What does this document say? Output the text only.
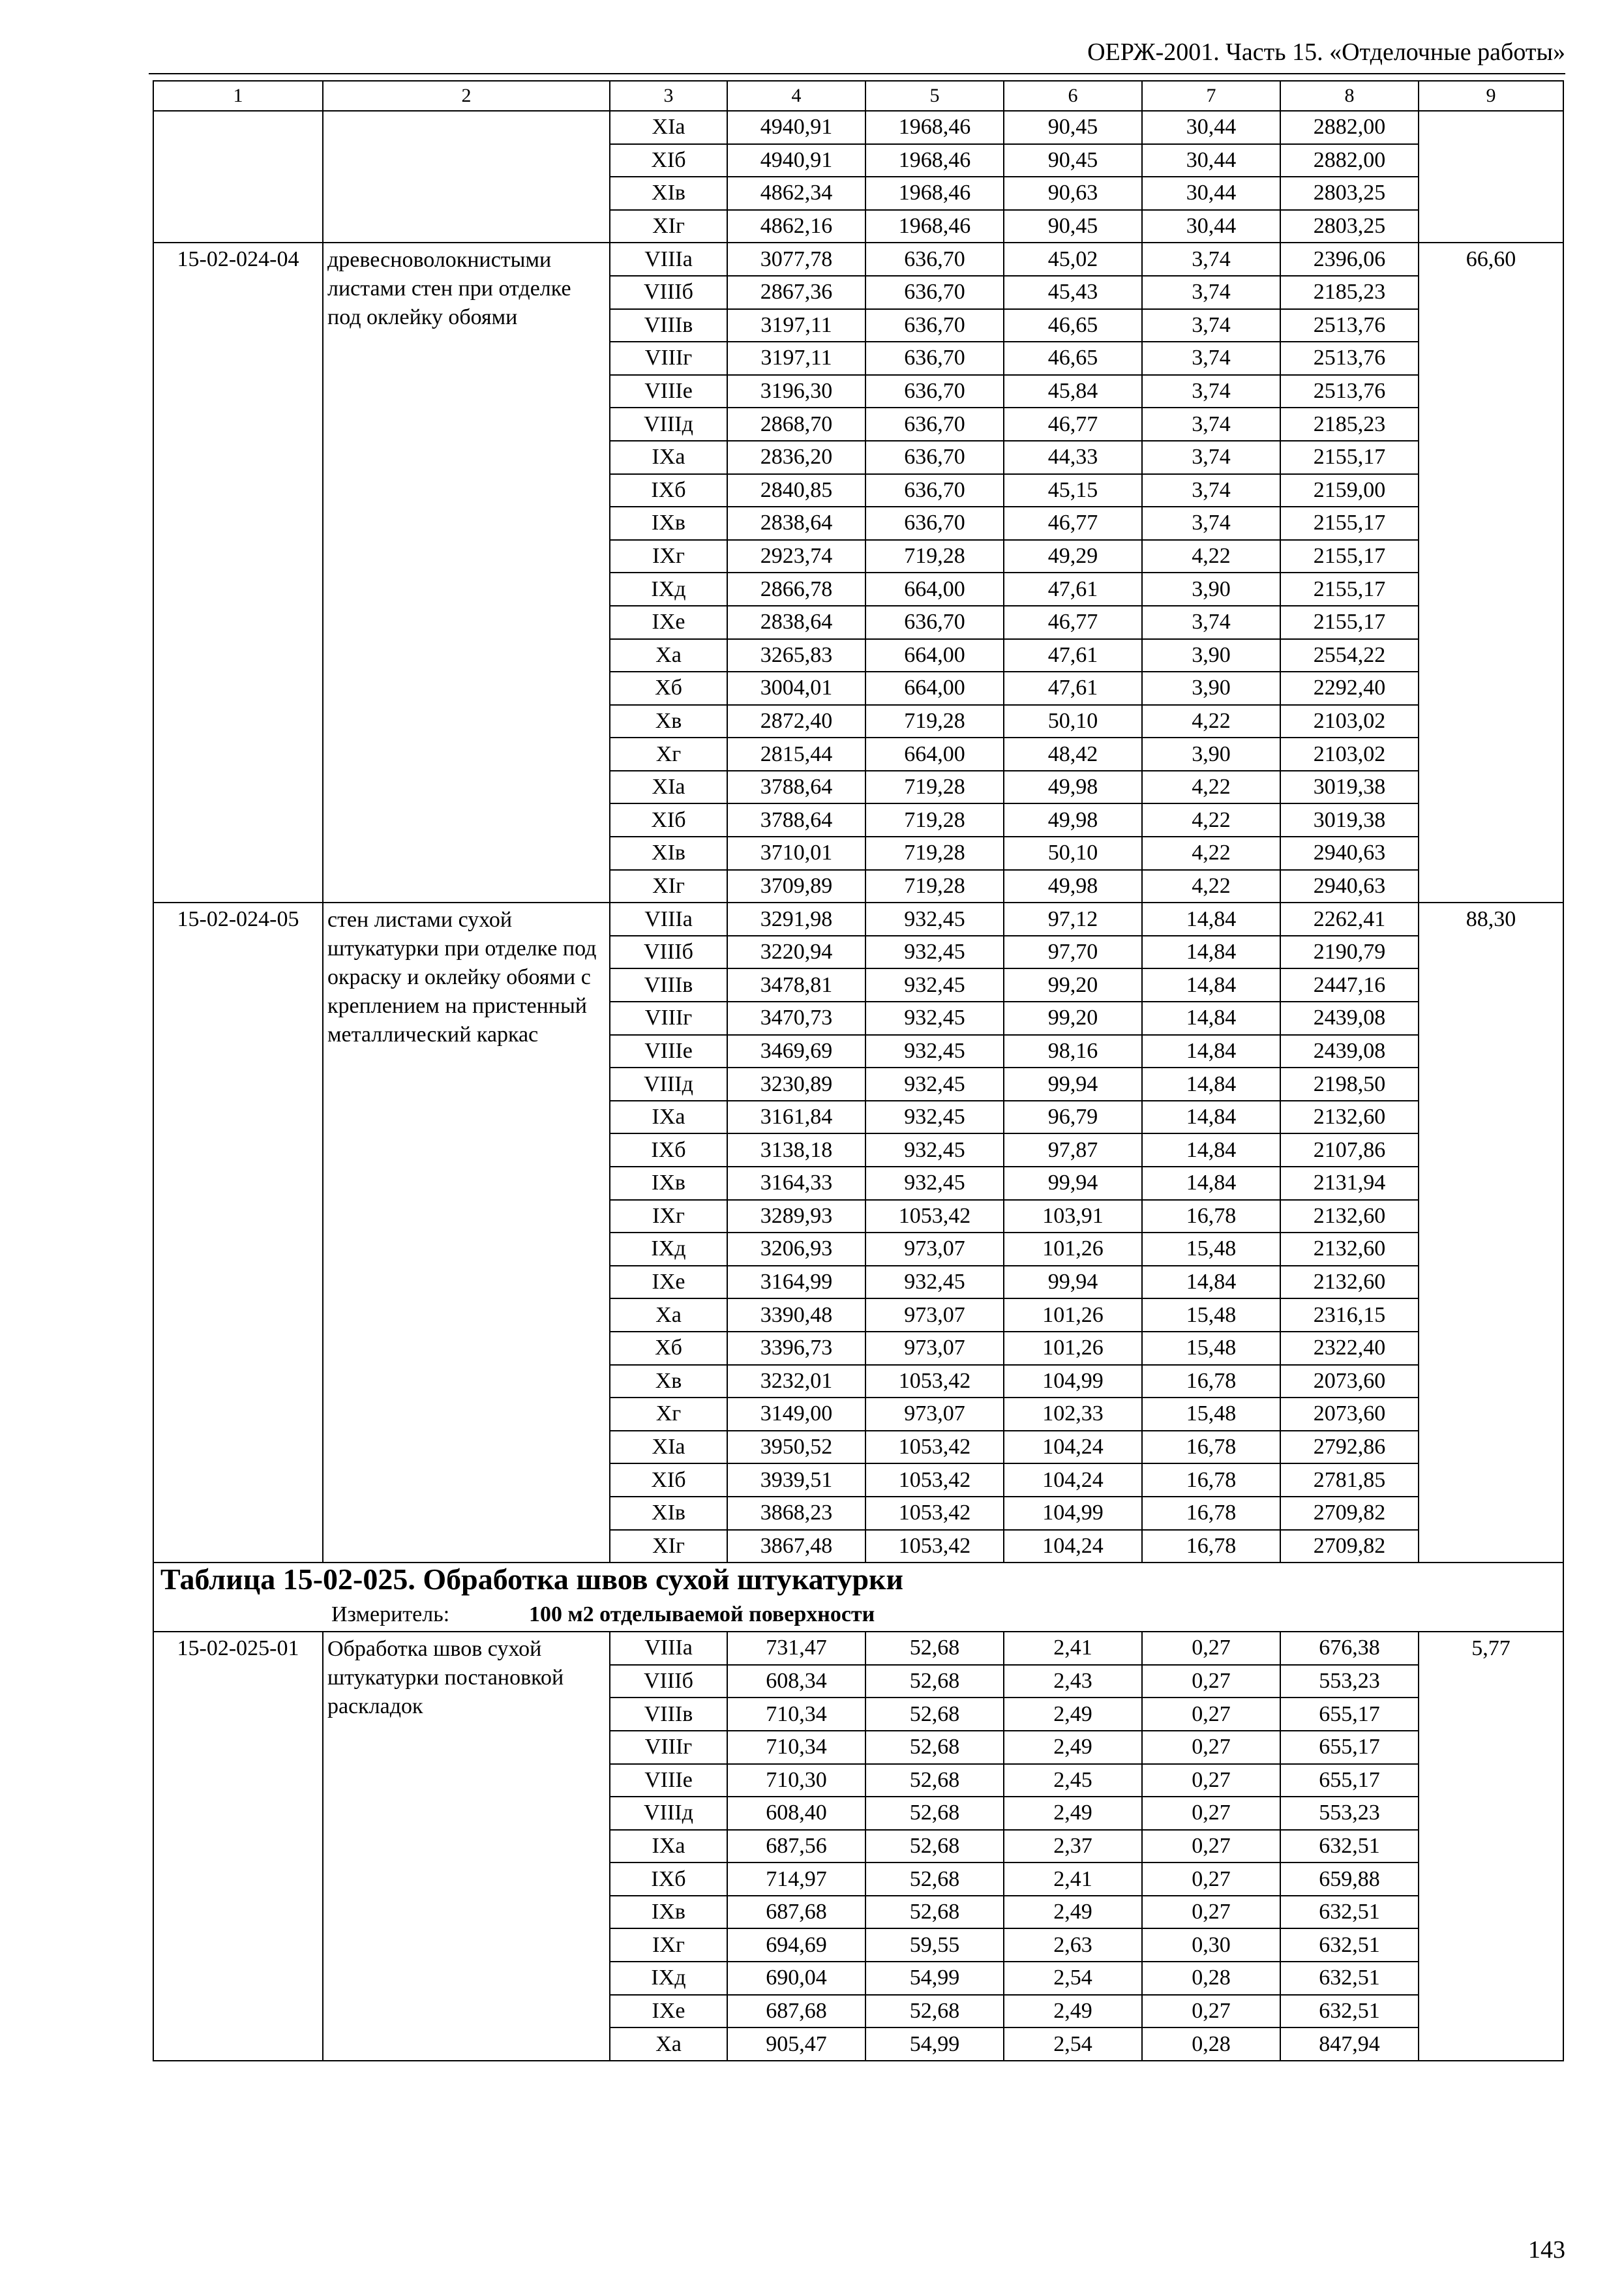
ОЕРЖ-2001. Часть 15. «Отделочные работы»
1	2	3	4	5	6	7	8	9
		XIа	4940,91	1968,46	90,45	30,44	2882,00	
		XIб	4940,91	1968,46	90,45	30,44	2882,00	
		XIв	4862,34	1968,46	90,63	30,44	2803,25	
		XIг	4862,16	1968,46	90,45	30,44	2803,25	
15-02-024-04	древесноволокнистыми листами стен при отделке под оклейку обоями	VIIIа	3077,78	636,70	45,02	3,74	2396,06	66,60
		VIIIб	2867,36	636,70	45,43	3,74	2185,23	
		VIIIв	3197,11	636,70	46,65	3,74	2513,76	
		VIIIг	3197,11	636,70	46,65	3,74	2513,76	
		VIIIе	3196,30	636,70	45,84	3,74	2513,76	
		VIIIд	2868,70	636,70	46,77	3,74	2185,23	
		IXа	2836,20	636,70	44,33	3,74	2155,17	
		IXб	2840,85	636,70	45,15	3,74	2159,00	
		IXв	2838,64	636,70	46,77	3,74	2155,17	
		IXг	2923,74	719,28	49,29	4,22	2155,17	
		IXд	2866,78	664,00	47,61	3,90	2155,17	
		IXе	2838,64	636,70	46,77	3,74	2155,17	
		Xа	3265,83	664,00	47,61	3,90	2554,22	
		Xб	3004,01	664,00	47,61	3,90	2292,40	
		Xв	2872,40	719,28	50,10	4,22	2103,02	
		Xг	2815,44	664,00	48,42	3,90	2103,02	
		XIа	3788,64	719,28	49,98	4,22	3019,38	
		XIб	3788,64	719,28	49,98	4,22	3019,38	
		XIв	3710,01	719,28	50,10	4,22	2940,63	
		XIг	3709,89	719,28	49,98	4,22	2940,63	
15-02-024-05	стен листами сухой штукатурки при отделке под окраску и оклейку обоями с креплением на пристенный металлический каркас	VIIIа	3291,98	932,45	97,12	14,84	2262,41	88,30
		VIIIб	3220,94	932,45	97,70	14,84	2190,79	
		VIIIв	3478,81	932,45	99,20	14,84	2447,16	
		VIIIг	3470,73	932,45	99,20	14,84	2439,08	
		VIIIе	3469,69	932,45	98,16	14,84	2439,08	
		VIIIд	3230,89	932,45	99,94	14,84	2198,50	
		IXа	3161,84	932,45	96,79	14,84	2132,60	
		IXб	3138,18	932,45	97,87	14,84	2107,86	
		IXв	3164,33	932,45	99,94	14,84	2131,94	
		IXг	3289,93	1053,42	103,91	16,78	2132,60	
		IXд	3206,93	973,07	101,26	15,48	2132,60	
		IXе	3164,99	932,45	99,94	14,84	2132,60	
		Xа	3390,48	973,07	101,26	15,48	2316,15	
		Xб	3396,73	973,07	101,26	15,48	2322,40	
		Xв	3232,01	1053,42	104,99	16,78	2073,60	
		Xг	3149,00	973,07	102,33	15,48	2073,60	
		XIа	3950,52	1053,42	104,24	16,78	2792,86	
		XIб	3939,51	1053,42	104,24	16,78	2781,85	
		XIв	3868,23	1053,42	104,99	16,78	2709,82	
		XIг	3867,48	1053,42	104,24	16,78	2709,82	

Таблица 15-02-025. Обработка швов сухой штукатурки
Измеритель: 100 м2 отделываемой поверхности								

15-02-025-01	Обработка швов сухой штукатурки постановкой раскладок	VIIIа	731,47	52,68	2,41	0,27	676,38	5,77
		VIIIб	608,34	52,68	2,43	0,27	553,23	
		VIIIв	710,34	52,68	2,49	0,27	655,17	
		VIIIг	710,34	52,68	2,49	0,27	655,17	
		VIIIе	710,30	52,68	2,45	0,27	655,17	
		VIIIд	608,40	52,68	2,49	0,27	553,23	
		IXа	687,56	52,68	2,37	0,27	632,51	
		IXб	714,97	52,68	2,41	0,27	659,88	
		IXв	687,68	52,68	2,49	0,27	632,51	
		IXг	694,69	59,55	2,63	0,30	632,51	
		IXд	690,04	54,99	2,54	0,28	632,51	
		IXе	687,68	52,68	2,49	0,27	632,51	
		Xа	905,47	54,99	2,54	0,28	847,94	
143
